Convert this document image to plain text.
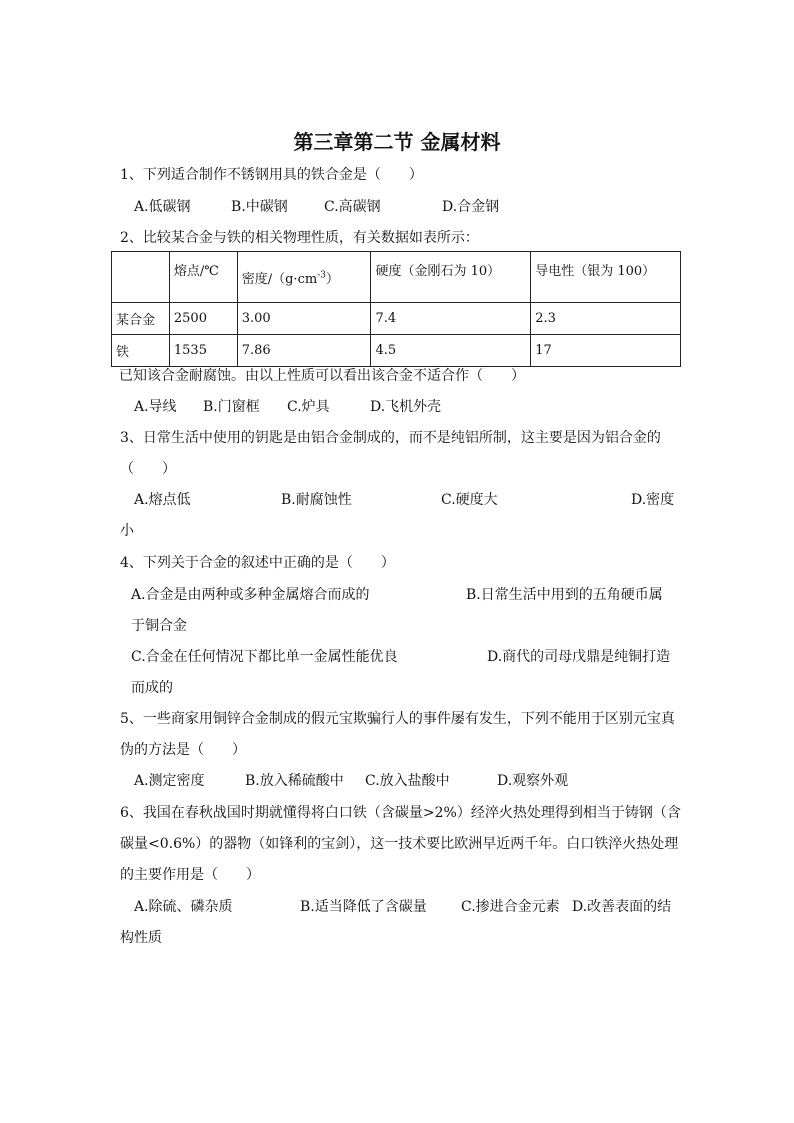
第三章第二节 金属材料
1、下列适合制作不锈钢用具的铁合金是（　　）
A.低碳钢	B.中碳钢	C.高碳钢	D.合金钢
2、比较某合金与铁的相关物理性质，有关数据如表所示：
	熔点/℃	密度$/(g\cdot cm^{-3})$	硬度（金刚石为 10）	导电性（银为 100）
某合金	2500	3.00	7.4	2.3
铁	1535	7.86	4.5	17
已知该合金耐腐蚀。由以上性质可以看出该合金不适合作（　　）
A.导线 B.门窗框 C.炉具	D.飞机外壳
3、日常生活中使用的钥匙是由铝合金制成的，而不是纯铝所制，这主要是因为铝合金的
（　　）
A.熔点低	B.耐腐蚀性	C.硬度大	D.密度
小
4、下列关于合金的叙述中正确的是（　　）
A.合金是由两种或多种金属熔合而成的	B.日常生活中用到的五角硬币属
于铜合金
C.合金在任何情况下都比单一金属性能优良	D.商代的司母戊鼎是纯铜打造
而成的
5、一些商家用铜锌合金制成的假元宝欺骗行人的事件屡有发生，下列不能用于区别元宝真
伪的方法是（　　）
A.测定密度	B.放入稀硫酸中 C.放入盐酸中	D.观察外观
6、我国在春秋战国时期就懂得将白口铁（含碳量>2%）经淬火热处理得到相当于铸钢（含
碳量<0.6%）的器物（如锋利的宝剑），这一技术要比欧洲早近两千年。白口铁淬火热处理
的主要作用是（　　）
A.除硫、磷杂质	B.适当降低了含碳量 C.掺进合金元素 D.改善表面的结
构性质
